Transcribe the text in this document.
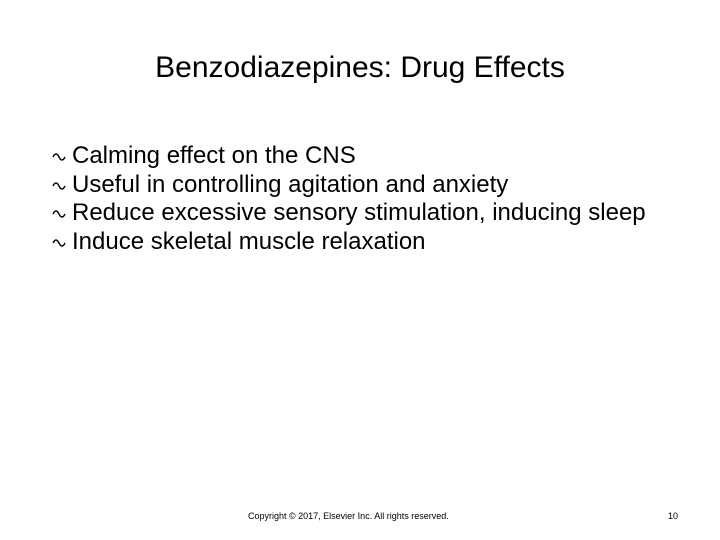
Benzodiazepines: Drug Effects
Calming effect on the CNS
Useful in controlling agitation and anxiety
Reduce excessive sensory stimulation, inducing sleep
Induce skeletal muscle relaxation
Copyright © 2017, Elsevier Inc. All rights reserved.	10
